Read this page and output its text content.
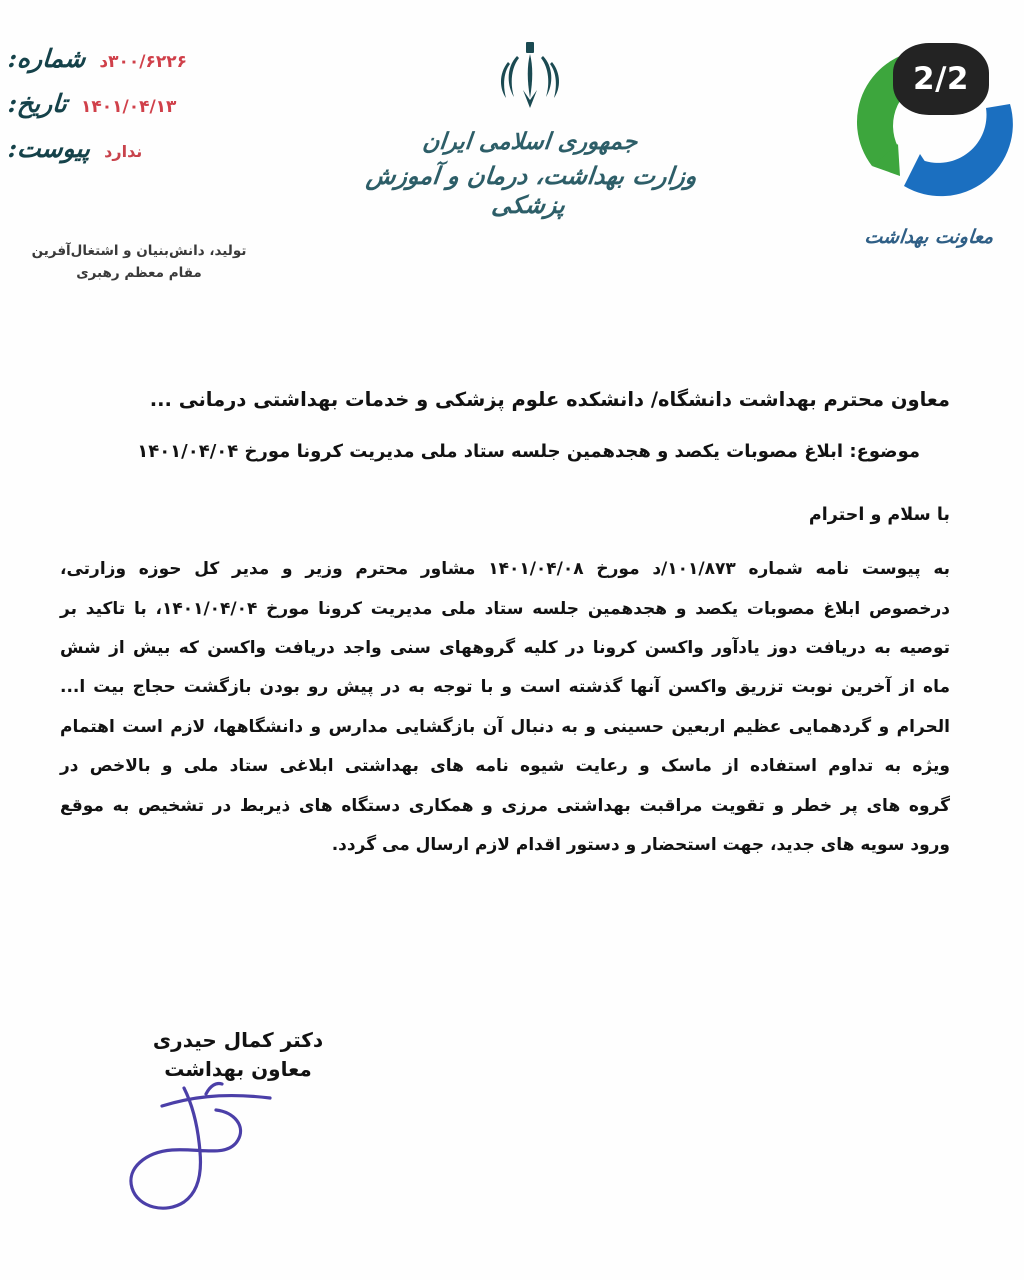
شماره: ۳۰۰/۶۲۲۶د
تاریخ: ۱۴۰۱/۰۴/۱۳
پیوست: ندارد
تولید، دانش‌بنیان و اشتغال‌آفرین
مقام معظم رهبری
جمهوری اسلامی ایران
وزارت بهداشت، درمان و آموزش پزشکی
معاونت بهداشت
2/2
معاون محترم بهداشت دانشگاه/ دانشکده علوم پزشکی و خدمات بهداشتی درمانی ...
موضوع: ابلاغ مصوبات یکصد و هجدهمین جلسه ستاد ملی مدیریت کرونا مورخ ۱۴۰۱/۰۴/۰۴
با سلام و احترام

به پیوست نامه شماره ۱۰۱/۸۷۳/د مورخ ۱۴۰۱/۰۴/۰۸ مشاور محترم وزیر و مدیر کل حوزه وزارتی،

درخصوص ابلاغ مصوبات یکصد و هجدهمین جلسه ستاد ملی مدیریت کرونا مورخ ۱۴۰۱/۰۴/۰۴، با تاکید بر

توصیه به دریافت دوز یادآور واکسن کرونا در کلیه گروههای سنی واجد دریافت واکسن که بیش از شش

ماه از آخرین نوبت تزریق واکسن آنها گذشته است و با توجه به در پیش رو بودن بازگشت حجاج بیت ا...

الحرام و گردهمایی عظیم اربعین حسینی و به دنبال آن بازگشایی مدارس و دانشگاهها، لازم است اهتمام

ویژه به تداوم استفاده از ماسک و رعایت شیوه نامه های بهداشتی ابلاغی ستاد ملی و بالاخص در

گروه های پر خطر و تقویت مراقبت بهداشتی مرزی و همکاری دستگاه های ذیربط در تشخیص به موقع

ورود سویه های جدید، جهت استحضار و دستور اقدام لازم ارسال می گردد.

دکتر کمال حیدری
معاون بهداشت
